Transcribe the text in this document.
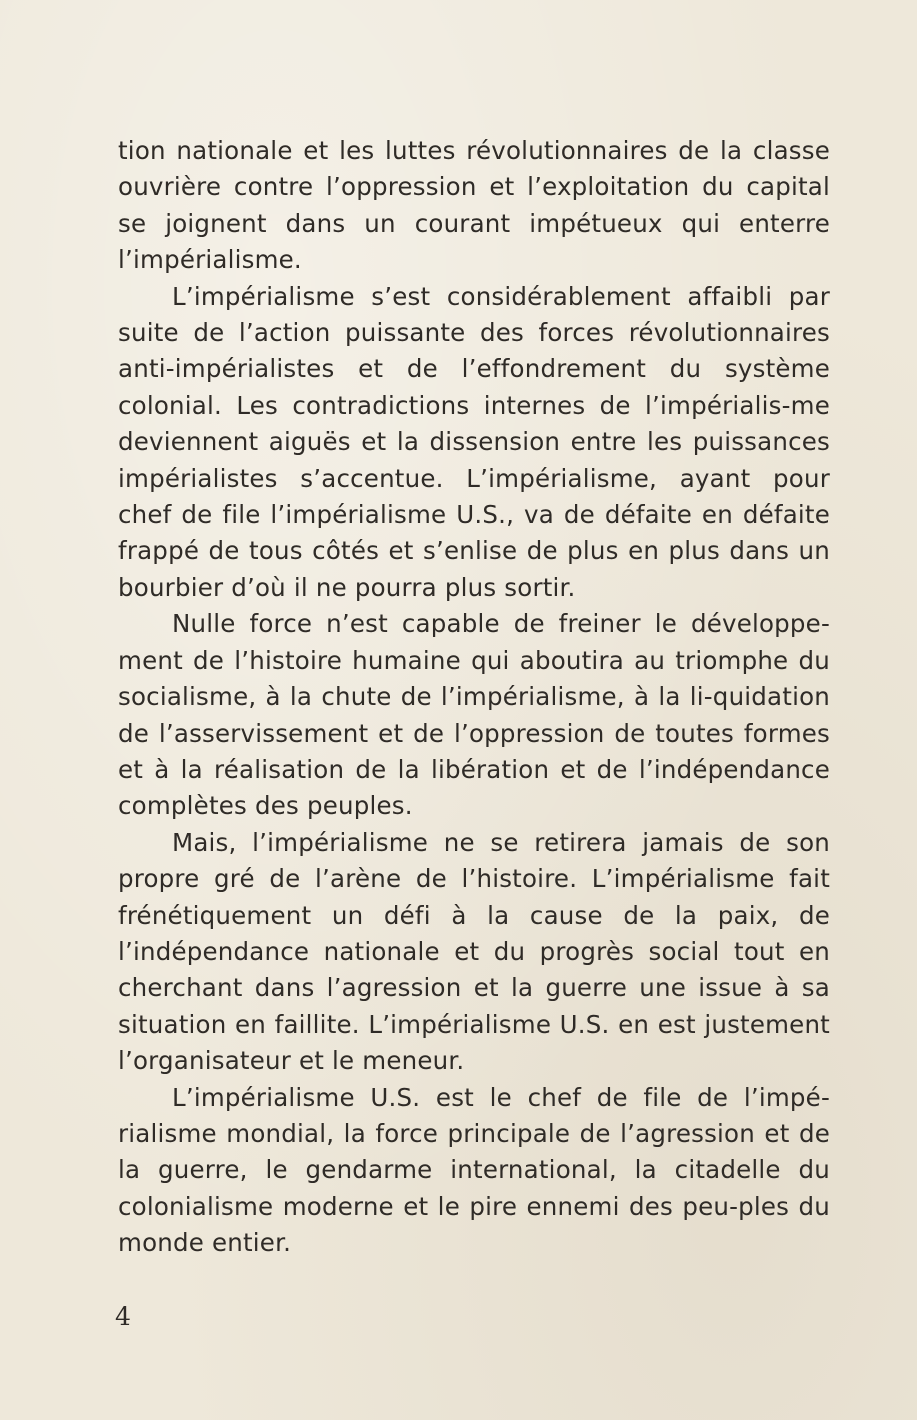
tion nationale et les luttes révolutionnaires de la classe ouvrière contre l’oppression et l’exploitation du capital se joignent dans un courant impétueux qui enterre l’impérialisme.

L’impérialisme s’est considérablement affaibli par suite de l’action puissante des forces révolutionnaires anti-impérialistes et de l’effondrement du système colonial. Les contradictions internes de l’impérialis-me deviennent aiguës et la dissension entre les puissances impérialistes s’accentue. L’impérialisme, ayant pour chef de file l’impérialisme U.S., va de défaite en défaite frappé de tous côtés et s’enlise de plus en plus dans un bourbier d’où il ne pourra plus sortir.

Nulle force n’est capable de freiner le développe-ment de l’histoire humaine qui aboutira au triomphe du socialisme, à la chute de l’impérialisme, à la li-quidation de l’asservissement et de l’oppression de toutes formes et à la réalisation de la libération et de l’indépendance complètes des peuples.

Mais, l’impérialisme ne se retirera jamais de son propre gré de l’arène de l’histoire. L’impérialisme fait frénétiquement un défi à la cause de la paix, de l’indépendance nationale et du progrès social tout en cherchant dans l’agression et la guerre une issue à sa situation en faillite. L’impérialisme U.S. en est justement l’organisateur et le meneur.

L’impérialisme U.S. est le chef de file de l’impé-rialisme mondial, la force principale de l’agression et de la guerre, le gendarme international, la citadelle du colonialisme moderne et le pire ennemi des peu-ples du monde entier.

4
